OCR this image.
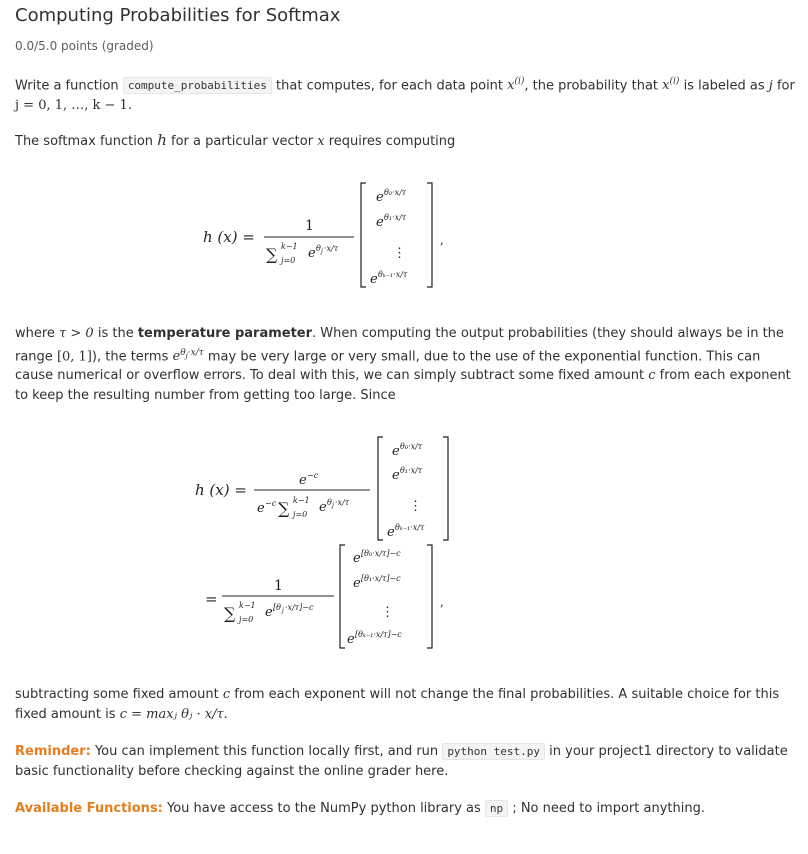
Computing Probabilities for Softmax
0.0/5.0 points (graded)
Write a function compute_probabilities that computes, for each data point $x^{(i)}$, the probability that $x^{(i)}$ is labeled as j for j = 0, 1, …, k − 1.
The softmax function h for a particular vector x requires computing
h (x) =
1
∑ k−1
j=0 e θ j ·x/τ
e θ₀·x/τ
e θ₁·x/τ
⋮
e θₖ₋₁·x/τ
,
h (x) =
e −c
e −c ∑ k−1
j=0 e θ j ·x/τ
e θ₀·x/τ
e θ₁·x/τ
⋮
e θₖ₋₁·x/τ
=
1
∑ k−1
j=0 e [θ j ·x/τ]−c
e [θ₀·x/τ]−c
e [θ₁·x/τ]−c
⋮
e [θₖ₋₁·x/τ]−c
,
where τ > 0 is the temperature parameter. When computing the output probabilities (they should always be in the range [0, 1]), the terms $e^{\theta_j\cdot x/\tau}$ may be very large or very small, due to the use of the exponential function. This can cause numerical or overflow errors. To deal with this, we can simply subtract some fixed amount c from each exponent to keep the resulting number from getting too large. Since
subtracting some fixed amount c from each exponent will not change the final probabilities. A suitable choice for this fixed amount is c = maxⱼ θⱼ · x/τ.
Reminder: You can implement this function locally first, and run python test.py in your project1 directory to validate basic functionality before checking against the online grader here.
Available Functions: You have access to the NumPy python library as np ; No need to import anything.
